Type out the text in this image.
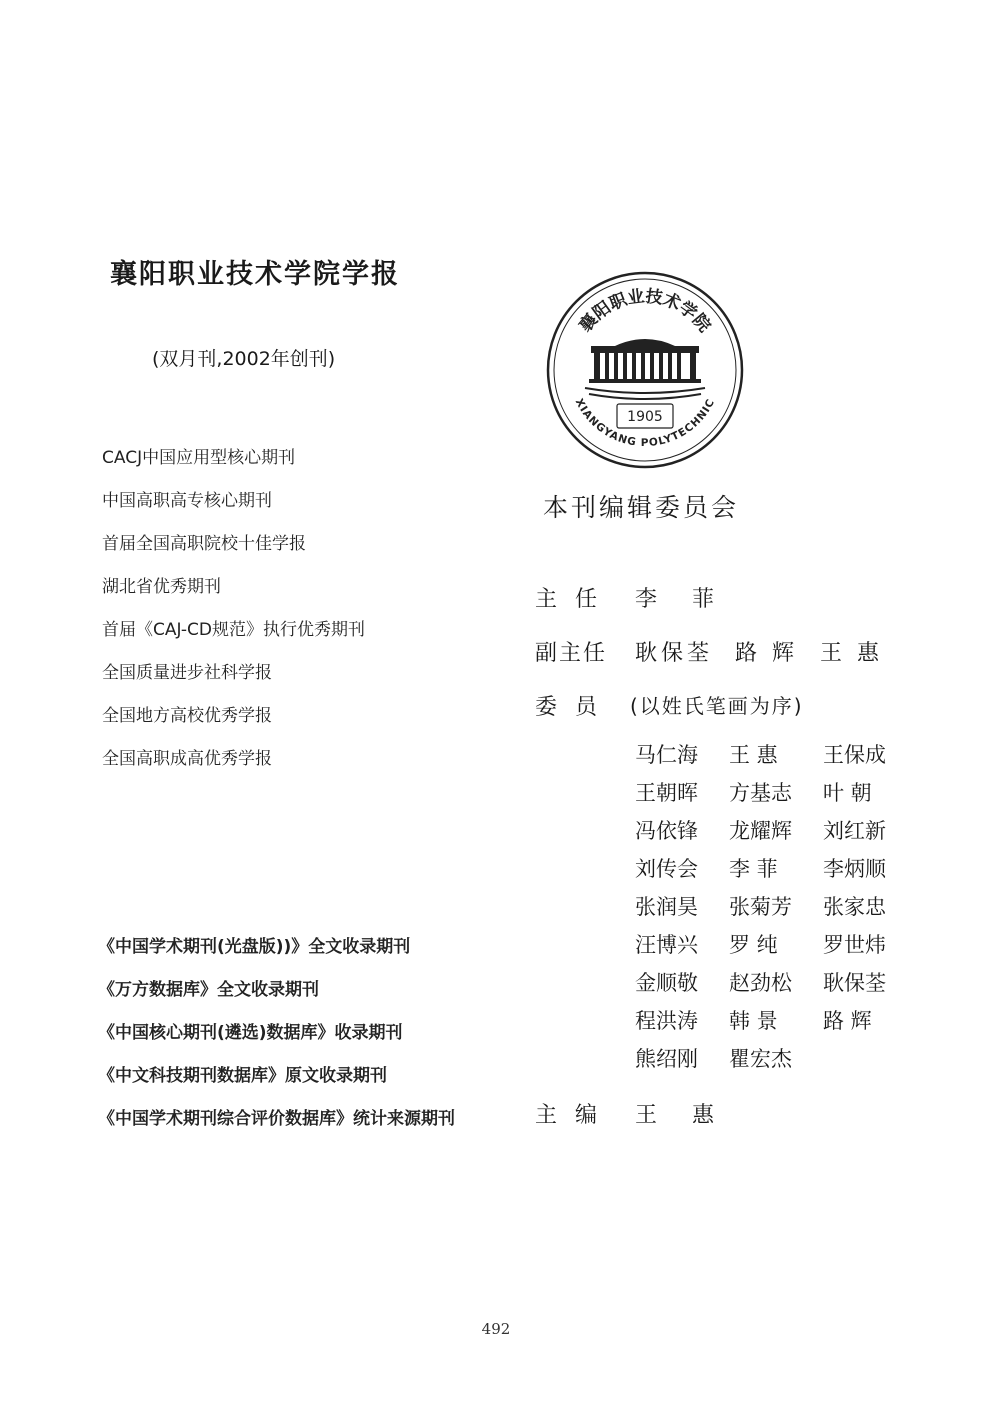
襄阳职业技术学院学报
(双月刊,2002年创刊)
CACJ中国应用型核心期刊
中国高职高专核心期刊
首届全国高职院校十佳学报
湖北省优秀期刊
首届《CAJ-CD规范》执行优秀期刊
全国质量进步社科学报
全国地方高校优秀学报
全国高职成高优秀学报
《中国学术期刊(光盘版))》全文收录期刊
《万方数据库》全文收录期刊
《中国核心期刊(遴选)数据库》收录期刊
《中文科技期刊数据库》原文收录期刊
《中国学术期刊综合评价数据库》统计来源期刊
襄阳职业技术学院
XIANGYANG POLYTECHNIC
1905
本刊编辑委员会
主任 李 菲
副主任 耿保荃  路 辉  王 惠
委员 (以姓氏笔画为序)
马仁海	王 惠	王保成
王朝晖	方基志	叶 朝
冯依锋	龙耀辉	刘红新
刘传会	李 菲	李炳顺
张润昊	张菊芳	张家忠
汪博兴	罗 纯	罗世炜
金顺敬	赵劲松	耿保荃
程洪涛	韩 景	路 辉
熊绍刚	瞿宏杰
主编 王 惠
492
